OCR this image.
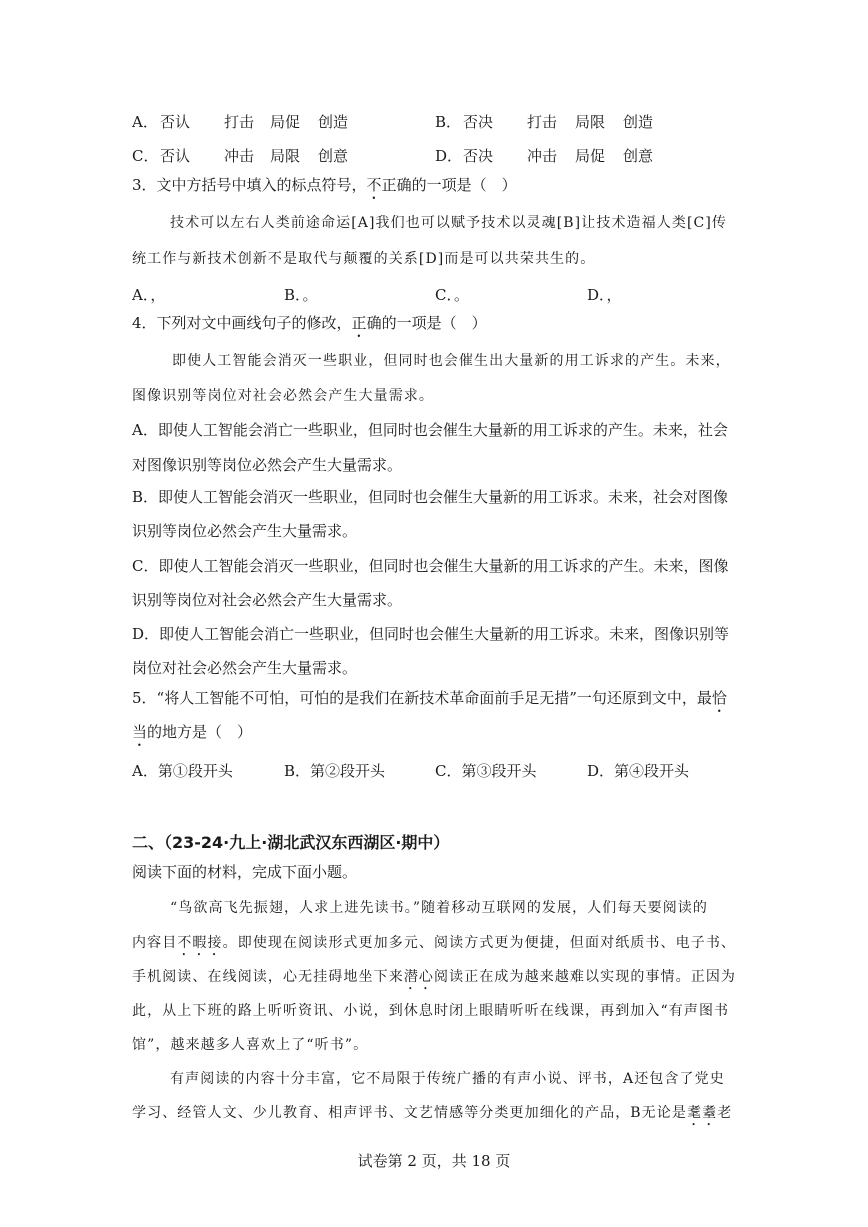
A． 否认 打击 局促 创造	B． 否决 打击 局限 创造
C． 否认 冲击 局限 创意	D．否决 冲击 局促 创意
3．文中方括号中填入的标点符号，不正确的一项是（　）
技术可以左右人类前途命运[A]我们也可以赋予技术以灵魂[B]让技术造福人类[C]传
统工作与新技术创新不是取代与颠覆的关系[D]而是可以共荣共生的。
A．，	B．。	C．。	D．，
4．下列对文中画线句子的修改，正确的一项是（　）
即使人工智能会消灭一些职业，但同时也会催生出大量新的用工诉求的产生。未来，
图像识别等岗位对社会必然会产生大量需求。
A．即使人工智能会消亡一些职业，但同时也会催生大量新的用工诉求的产生。未来，社会
对图像识别等岗位必然会产生大量需求。
B．即使人工智能会消灭一些职业，但同时也会催生大量新的用工诉求。未来，社会对图像
识别等岗位必然会产生大量需求。
C．即使人工智能会消灭一些职业，但同时也会催生大量新的用工诉求的产生。未来，图像
识别等岗位对社会必然会产生大量需求。
D．即使人工智能会消亡一些职业，但同时也会催生大量新的用工诉求。未来，图像识别等
岗位对社会必然会产生大量需求。
5．“将人工智能不可怕，可怕的是我们在新技术革命面前手足无措”一句还原到文中，最恰
当的地方是（　）
A．第①段开头	B．第②段开头	C．第③段开头	D．第④段开头
二、（23-24·九上·湖北武汉东西湖区·期中）
阅读下面的材料，完成下面小题。
“鸟欲高飞先振翅，人求上进先读书。”随着移动互联网的发展，人们每天要阅读的
内容目不暇接。即使现在阅读形式更加多元、阅读方式更为便捷，但面对纸质书、电子书、
手机阅读、在线阅读，心无挂碍地坐下来潜心阅读正在成为越来越难以实现的事情。正因为
此，从上下班的路上听听资讯、小说，到休息时闭上眼睛听听在线课，再到加入“有声图书
馆”，越来越多人喜欢上了“听书”。
有声阅读的内容十分丰富，它不局限于传统广播的有声小说、评书，A还包含了党史
学习、经管人文、少儿教育、相声评书、文艺情感等分类更加细化的产品，B无论是耄耋老
试卷第 2 页，共 18 页
